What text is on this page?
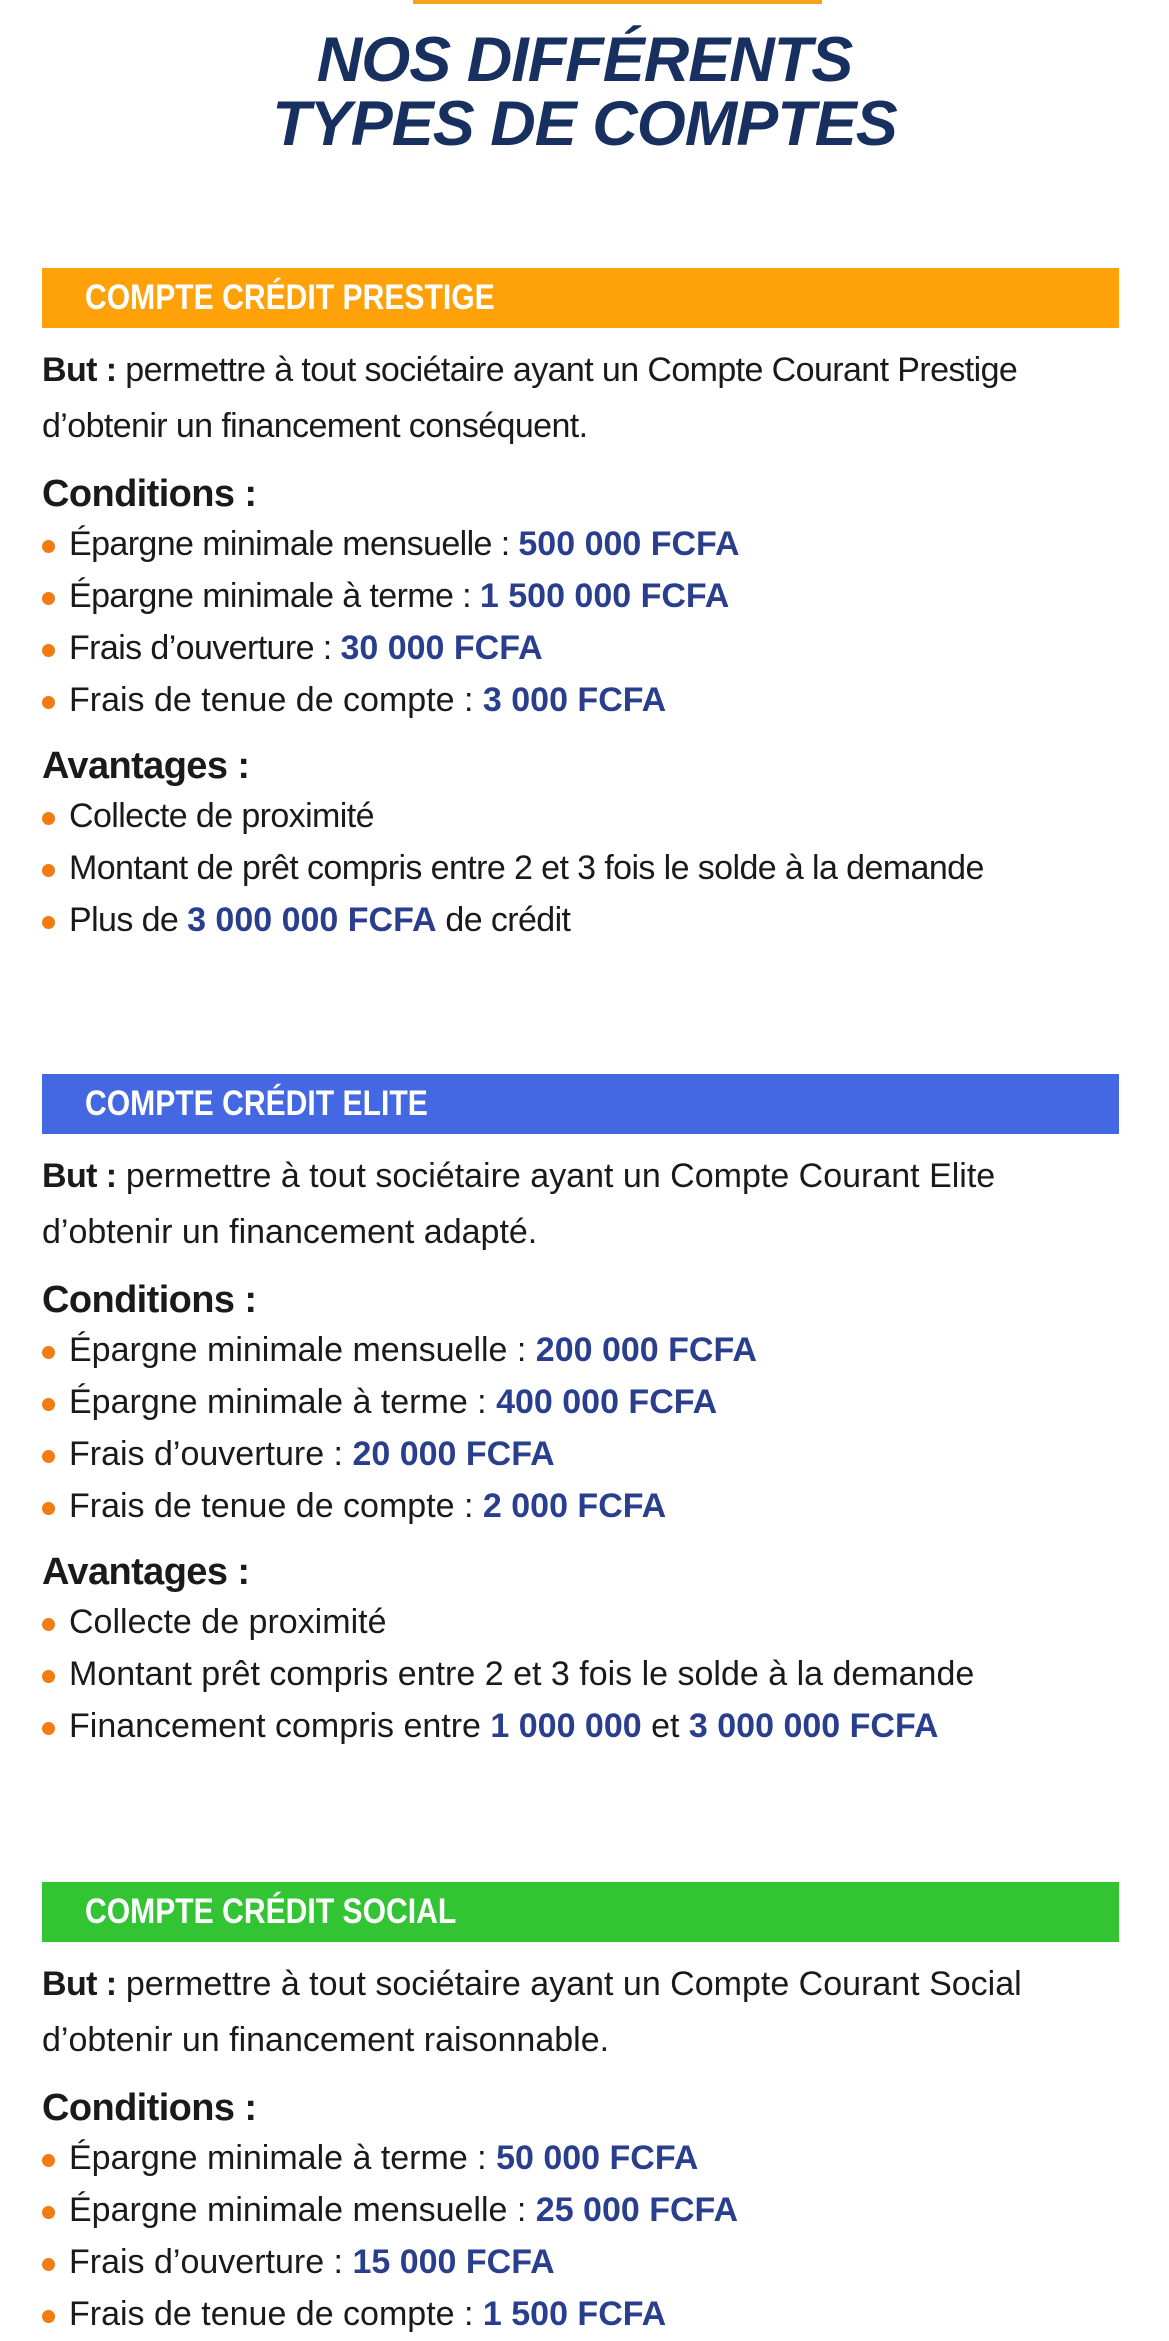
NOS DIFFÉRENTS
TYPES DE COMPTES
COMPTE CRÉDIT PRESTIGE
But : permettre à tout sociétaire ayant un Compte Courant Prestige d’obtenir un financement conséquent.
Conditions :
Épargne minimale mensuelle : 500 000 FCFA
Épargne minimale à terme : 1 500 000 FCFA
Frais d’ouverture : 30 000 FCFA
Frais de tenue de compte : 3 000 FCFA
Avantages :
Collecte de proximité
Montant de prêt compris entre 2 et 3 fois le solde à la demande
Plus de 3 000 000 FCFA de crédit
COMPTE CRÉDIT ELITE
But : permettre à tout sociétaire ayant un Compte Courant Elite d’obtenir un financement adapté.
Conditions :
Épargne minimale mensuelle : 200 000 FCFA
Épargne minimale à terme : 400 000 FCFA
Frais d’ouverture : 20 000 FCFA
Frais de tenue de compte : 2 000 FCFA
Avantages :
Collecte de proximité
Montant prêt compris entre 2 et 3 fois le solde à la demande
Financement compris entre 1 000 000 et 3 000 000 FCFA
COMPTE CRÉDIT SOCIAL
But : permettre à tout sociétaire ayant un Compte Courant Social d’obtenir un financement raisonnable.
Conditions :
Épargne minimale à terme : 50 000 FCFA
Épargne minimale mensuelle : 25 000 FCFA
Frais d’ouverture : 15 000 FCFA
Frais de tenue de compte : 1 500 FCFA
